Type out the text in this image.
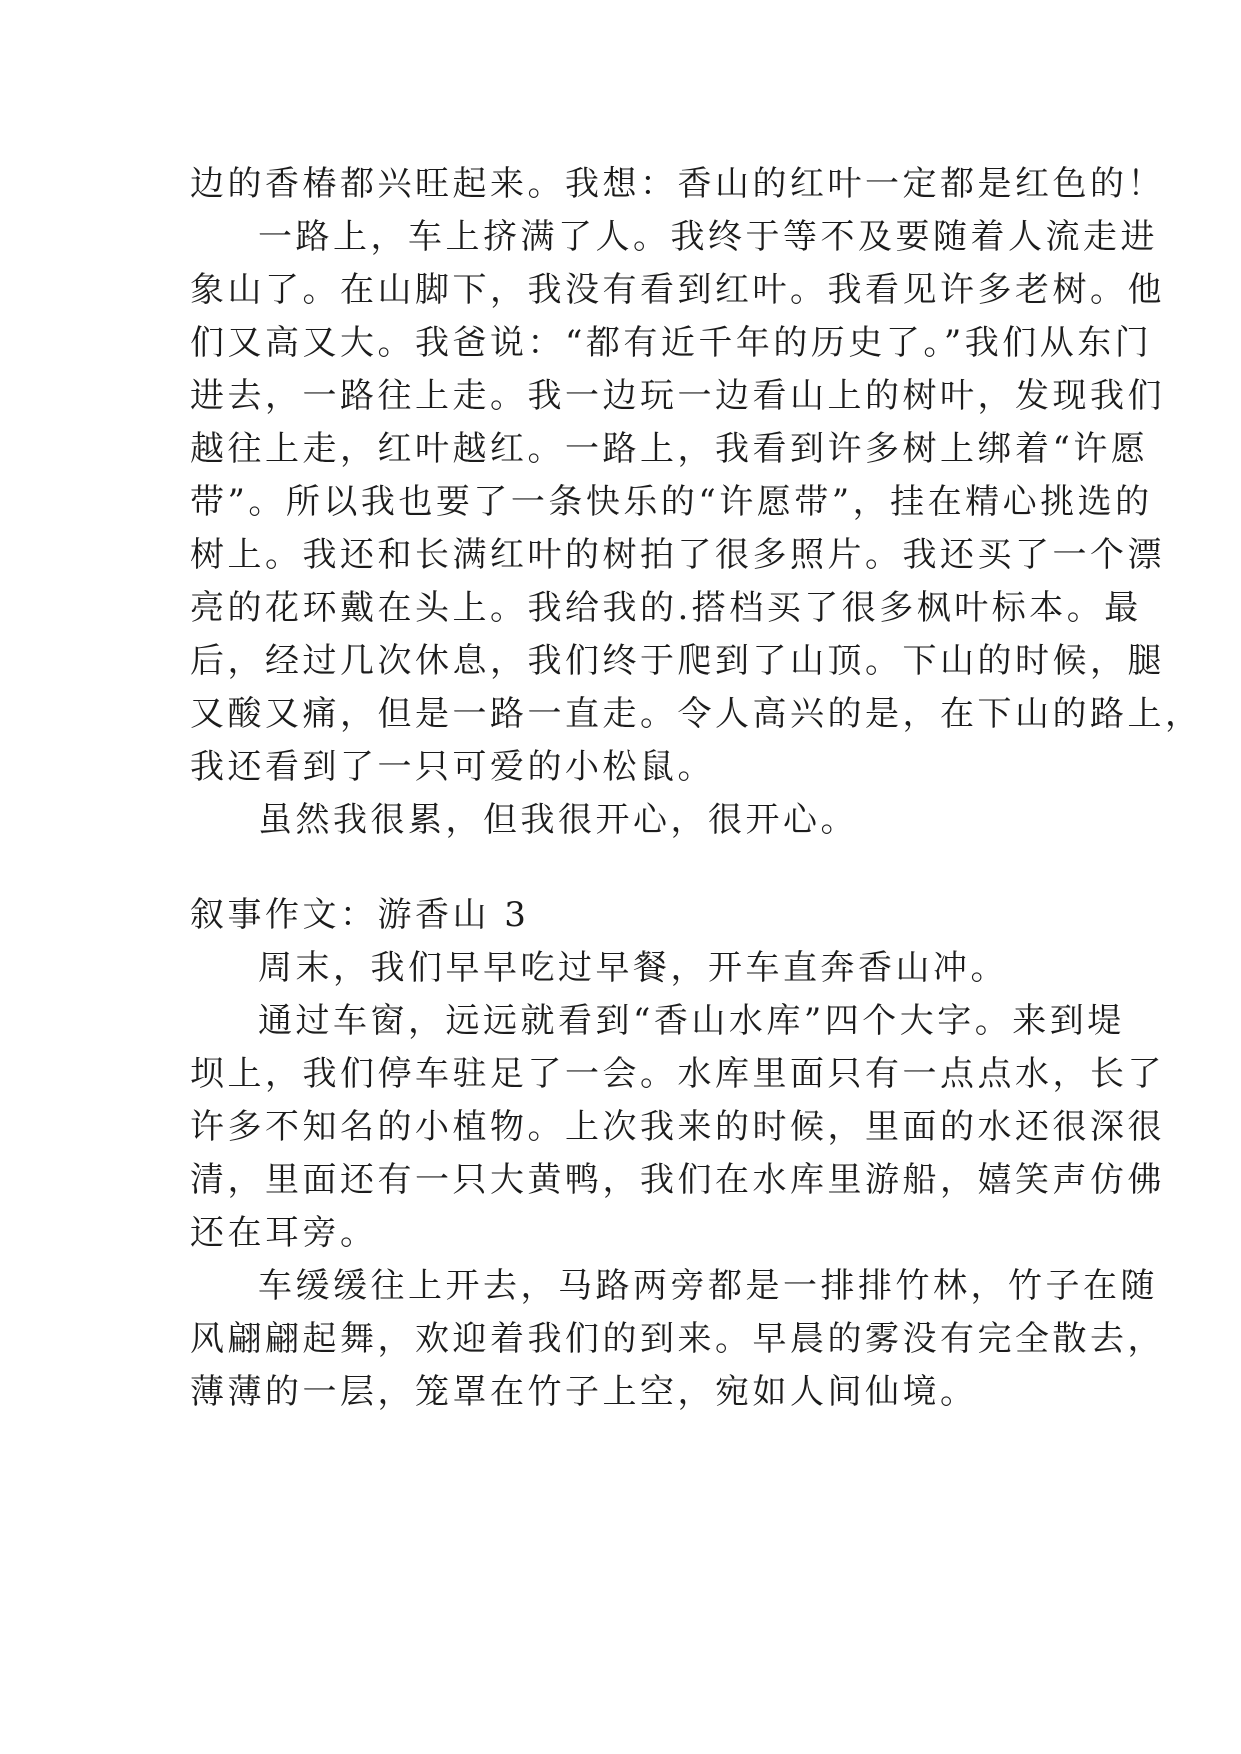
边的香椿都兴旺起来。我想：香山的红叶一定都是红色的！
一路上，车上挤满了人。我终于等不及要随着人流走进
象山了。在山脚下，我没有看到红叶。我看见许多老树。他
们又高又大。我爸说：“都有近千年的历史了。”我们从东门
进去，一路往上走。我一边玩一边看山上的树叶，发现我们
越往上走，红叶越红。一路上，我看到许多树上绑着“许愿
带”。所以我也要了一条快乐的“许愿带”，挂在精心挑选的
树上。我还和长满红叶的树拍了很多照片。我还买了一个漂
亮的花环戴在头上。我给我的.搭档买了很多枫叶标本。最
后，经过几次休息，我们终于爬到了山顶。下山的时候，腿
又酸又痛，但是一路一直走。令人高兴的是，在下山的路上，
我还看到了一只可爱的小松鼠。
虽然我很累，但我很开心，很开心。
叙事作文：游香山 3
周末，我们早早吃过早餐，开车直奔香山冲。
通过车窗，远远就看到“香山水库”四个大字。来到堤
坝上，我们停车驻足了一会。水库里面只有一点点水，长了
许多不知名的小植物。上次我来的时候，里面的水还很深很
清，里面还有一只大黄鸭，我们在水库里游船，嬉笑声仿佛
还在耳旁。
车缓缓往上开去，马路两旁都是一排排竹林，竹子在随
风翩翩起舞，欢迎着我们的到来。早晨的雾没有完全散去，
薄薄的一层，笼罩在竹子上空，宛如人间仙境。
